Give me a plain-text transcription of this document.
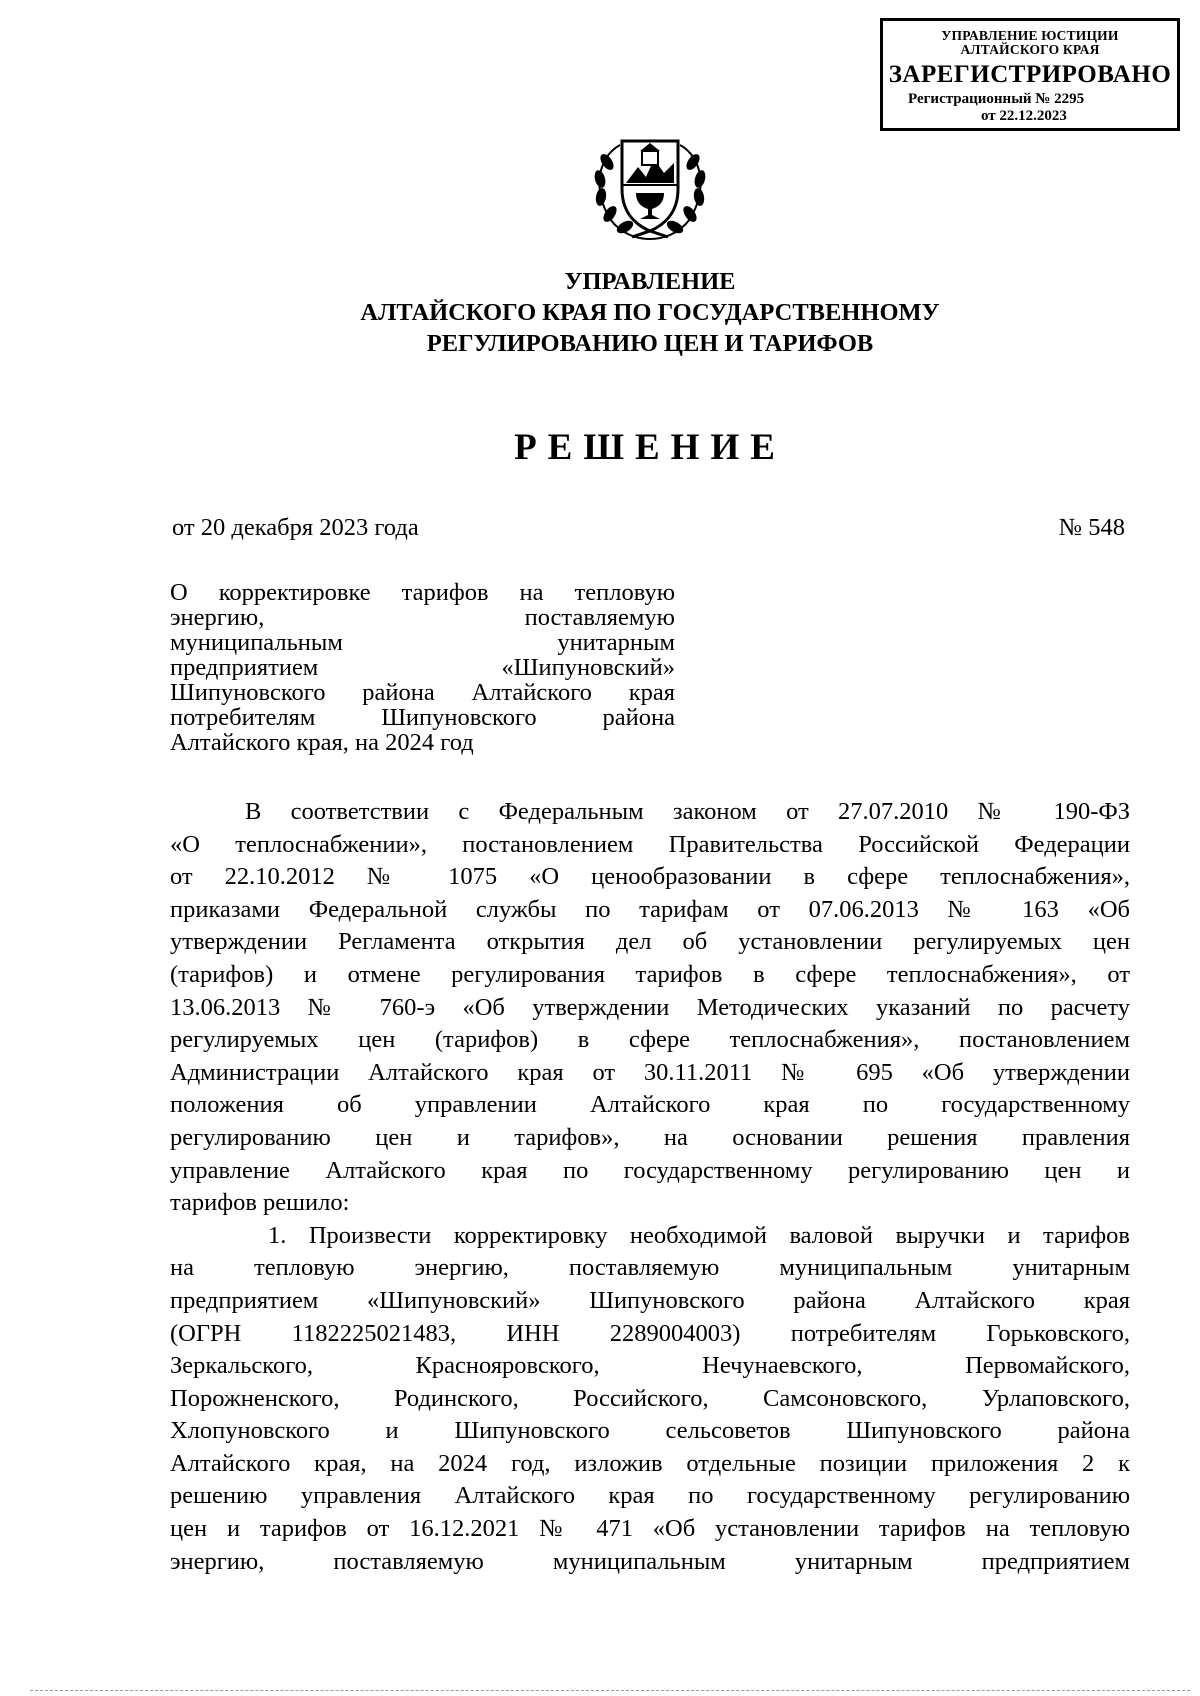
УПРАВЛЕНИЕ ЮСТИЦИИ
АЛТАЙСКОГО КРАЯ
ЗАРЕГИСТРИРОВАНО
Регистрационный № 2295
от 22.12.2023
УПРАВЛЕНИЕ
АЛТАЙСКОГО КРАЯ ПО ГОСУДАРСТВЕННОМУ
РЕГУЛИРОВАНИЮ ЦЕН И ТАРИФОВ
РЕШЕНИЕ
от 20 декабря 2023 года	№ 548
О корректировке тарифов на тепловую
энергию, поставляемую
муниципальным унитарным
предприятием «Шипуновский»
Шипуновского района Алтайского края
потребителям Шипуновского района
Алтайского края, на 2024 год
В соответствии с Федеральным законом от 27.07.2010 № 190-ФЗ
«О теплоснабжении», постановлением Правительства Российской Федерации
от 22.10.2012 № 1075 «О ценообразовании в сфере теплоснабжения»,
приказами Федеральной службы по тарифам от 07.06.2013 № 163 «Об
утверждении Регламента открытия дел об установлении регулируемых цен
(тарифов) и отмене регулирования тарифов в сфере теплоснабжения», от
13.06.2013 № 760-э «Об утверждении Методических указаний по расчету
регулируемых цен (тарифов) в сфере теплоснабжения», постановлением
Администрации Алтайского края от 30.11.2011 № 695 «Об утверждении
положения об управлении Алтайского края по государственному
регулированию цен и тарифов», на основании решения правления
управление Алтайского края по государственному регулированию цен и
тарифов решило:
1. Произвести корректировку необходимой валовой выручки и тарифов
на тепловую энергию, поставляемую муниципальным унитарным
предприятием «Шипуновский» Шипуновского района Алтайского края
(ОГРН 1182225021483, ИНН 2289004003) потребителям Горьковского,
Зеркальского, Краснояровского, Нечунаевского, Первомайского,
Порожненского, Родинского, Российского, Самсоновского, Урлаповского,
Хлопуновского и Шипуновского сельсоветов Шипуновского района
Алтайского края, на 2024 год, изложив отдельные позиции приложения 2 к
решению управления Алтайского края по государственному регулированию
цен и тарифов от 16.12.2021 № 471 «Об установлении тарифов на тепловую
энергию, поставляемую муниципальным унитарным предприятием
